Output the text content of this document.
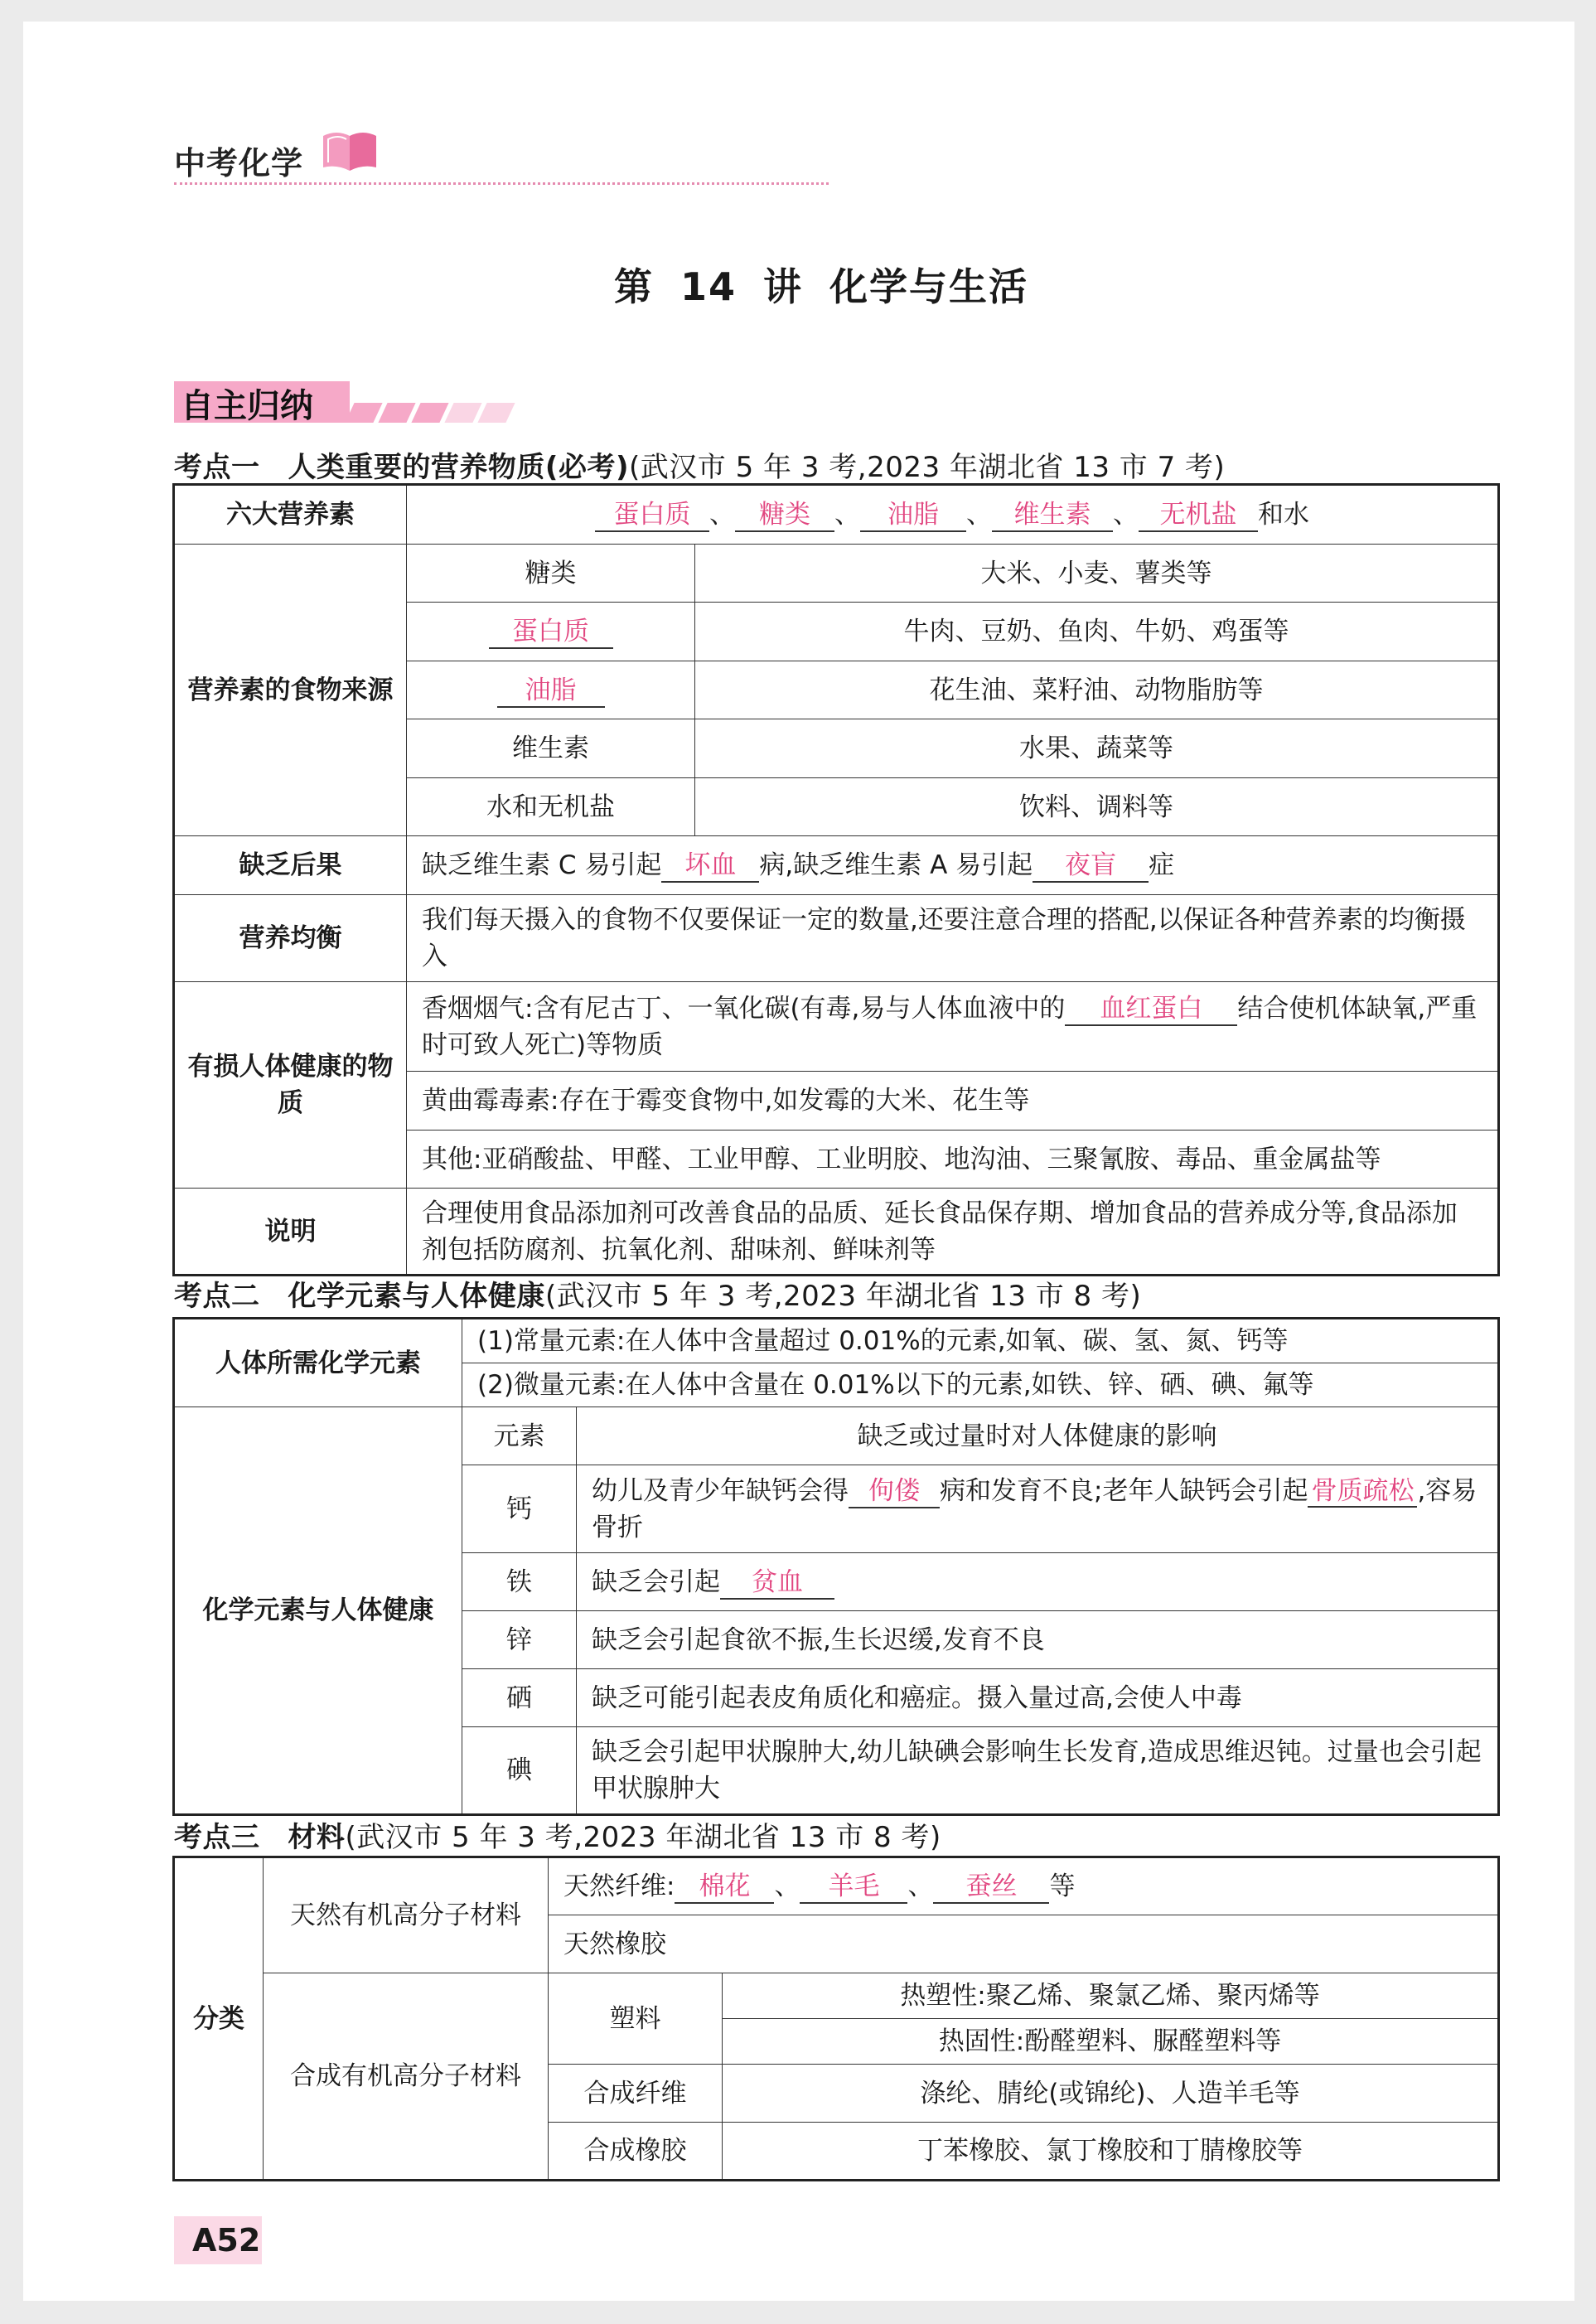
中考化学
第 14 讲 化学与生活
自主归纳
考点一 人类重要的营养物质(必考)(武汉市 5 年 3 考,2023 年湖北省 13 市 7 考)
六大营养素	蛋白质 、 糖类 、 油脂 、 维生素 、 无机盐 和水	
营养素的食物来源	糖类	大米、小麦、薯类等
	蛋白质	牛肉、豆奶、鱼肉、牛奶、鸡蛋等
	油脂	花生油、菜籽油、动物脂肪等
	维生素	水果、蔬菜等
	水和无机盐	饮料、调料等
缺乏后果	缺乏维生素 C 易引起 坏血 病,缺乏维生素 A 易引起 夜盲 症	
营养均衡	我们每天摄入的食物不仅要保证一定的数量,还要注意合理的搭配,以保证各种营养素的均衡摄入	
有损人体健康的物质	香烟烟气:含有尼古丁、一氧化碳(有毒,易与人体血液中的 血红蛋白 结合使机体缺氧,严重时可致人死亡)等物质	
	黄曲霉毒素:存在于霉变食物中,如发霉的大米、花生等	
	其他:亚硝酸盐、甲醛、工业甲醇、工业明胶、地沟油、三聚氰胺、毒品、重金属盐等	
说明	合理使用食品添加剂可改善食品的品质、延长食品保存期、增加食品的营养成分等,食品添加剂包括防腐剂、抗氧化剂、甜味剂、鲜味剂等	
考点二 化学元素与人体健康(武汉市 5 年 3 考,2023 年湖北省 13 市 8 考)
人体所需化学元素	(1)常量元素:在人体中含量超过 0.01%的元素,如氧、碳、氢、氮、钙等	
	(2)微量元素:在人体中含量在 0.01%以下的元素,如铁、锌、硒、碘、氟等	
化学元素与人体健康	元素	缺乏或过量时对人体健康的影响
	钙	幼儿及青少年缺钙会得 佝偻 病和发育不良;老年人缺钙会引起 骨质疏松 ,容易骨折
	铁	缺乏会引起 贫血
	锌	缺乏会引起食欲不振,生长迟缓,发育不良
	硒	缺乏可能引起表皮角质化和癌症。摄入量过高,会使人中毒
	碘	缺乏会引起甲状腺肿大,幼儿缺碘会影响生长发育,造成思维迟钝。过量也会引起甲状腺肿大
考点三 材料(武汉市 5 年 3 考,2023 年湖北省 13 市 8 考)
分类	天然有机高分子材料	天然纤维: 棉花 、 羊毛 、 蚕丝 等	
		天然橡胶	
	合成有机高分子材料	塑料	热塑性:聚乙烯、聚氯乙烯、聚丙烯等
			热固性:酚醛塑料、脲醛塑料等
		合成纤维	涤纶、腈纶(或锦纶)、人造羊毛等
		合成橡胶	丁苯橡胶、氯丁橡胶和丁腈橡胶等
A52
